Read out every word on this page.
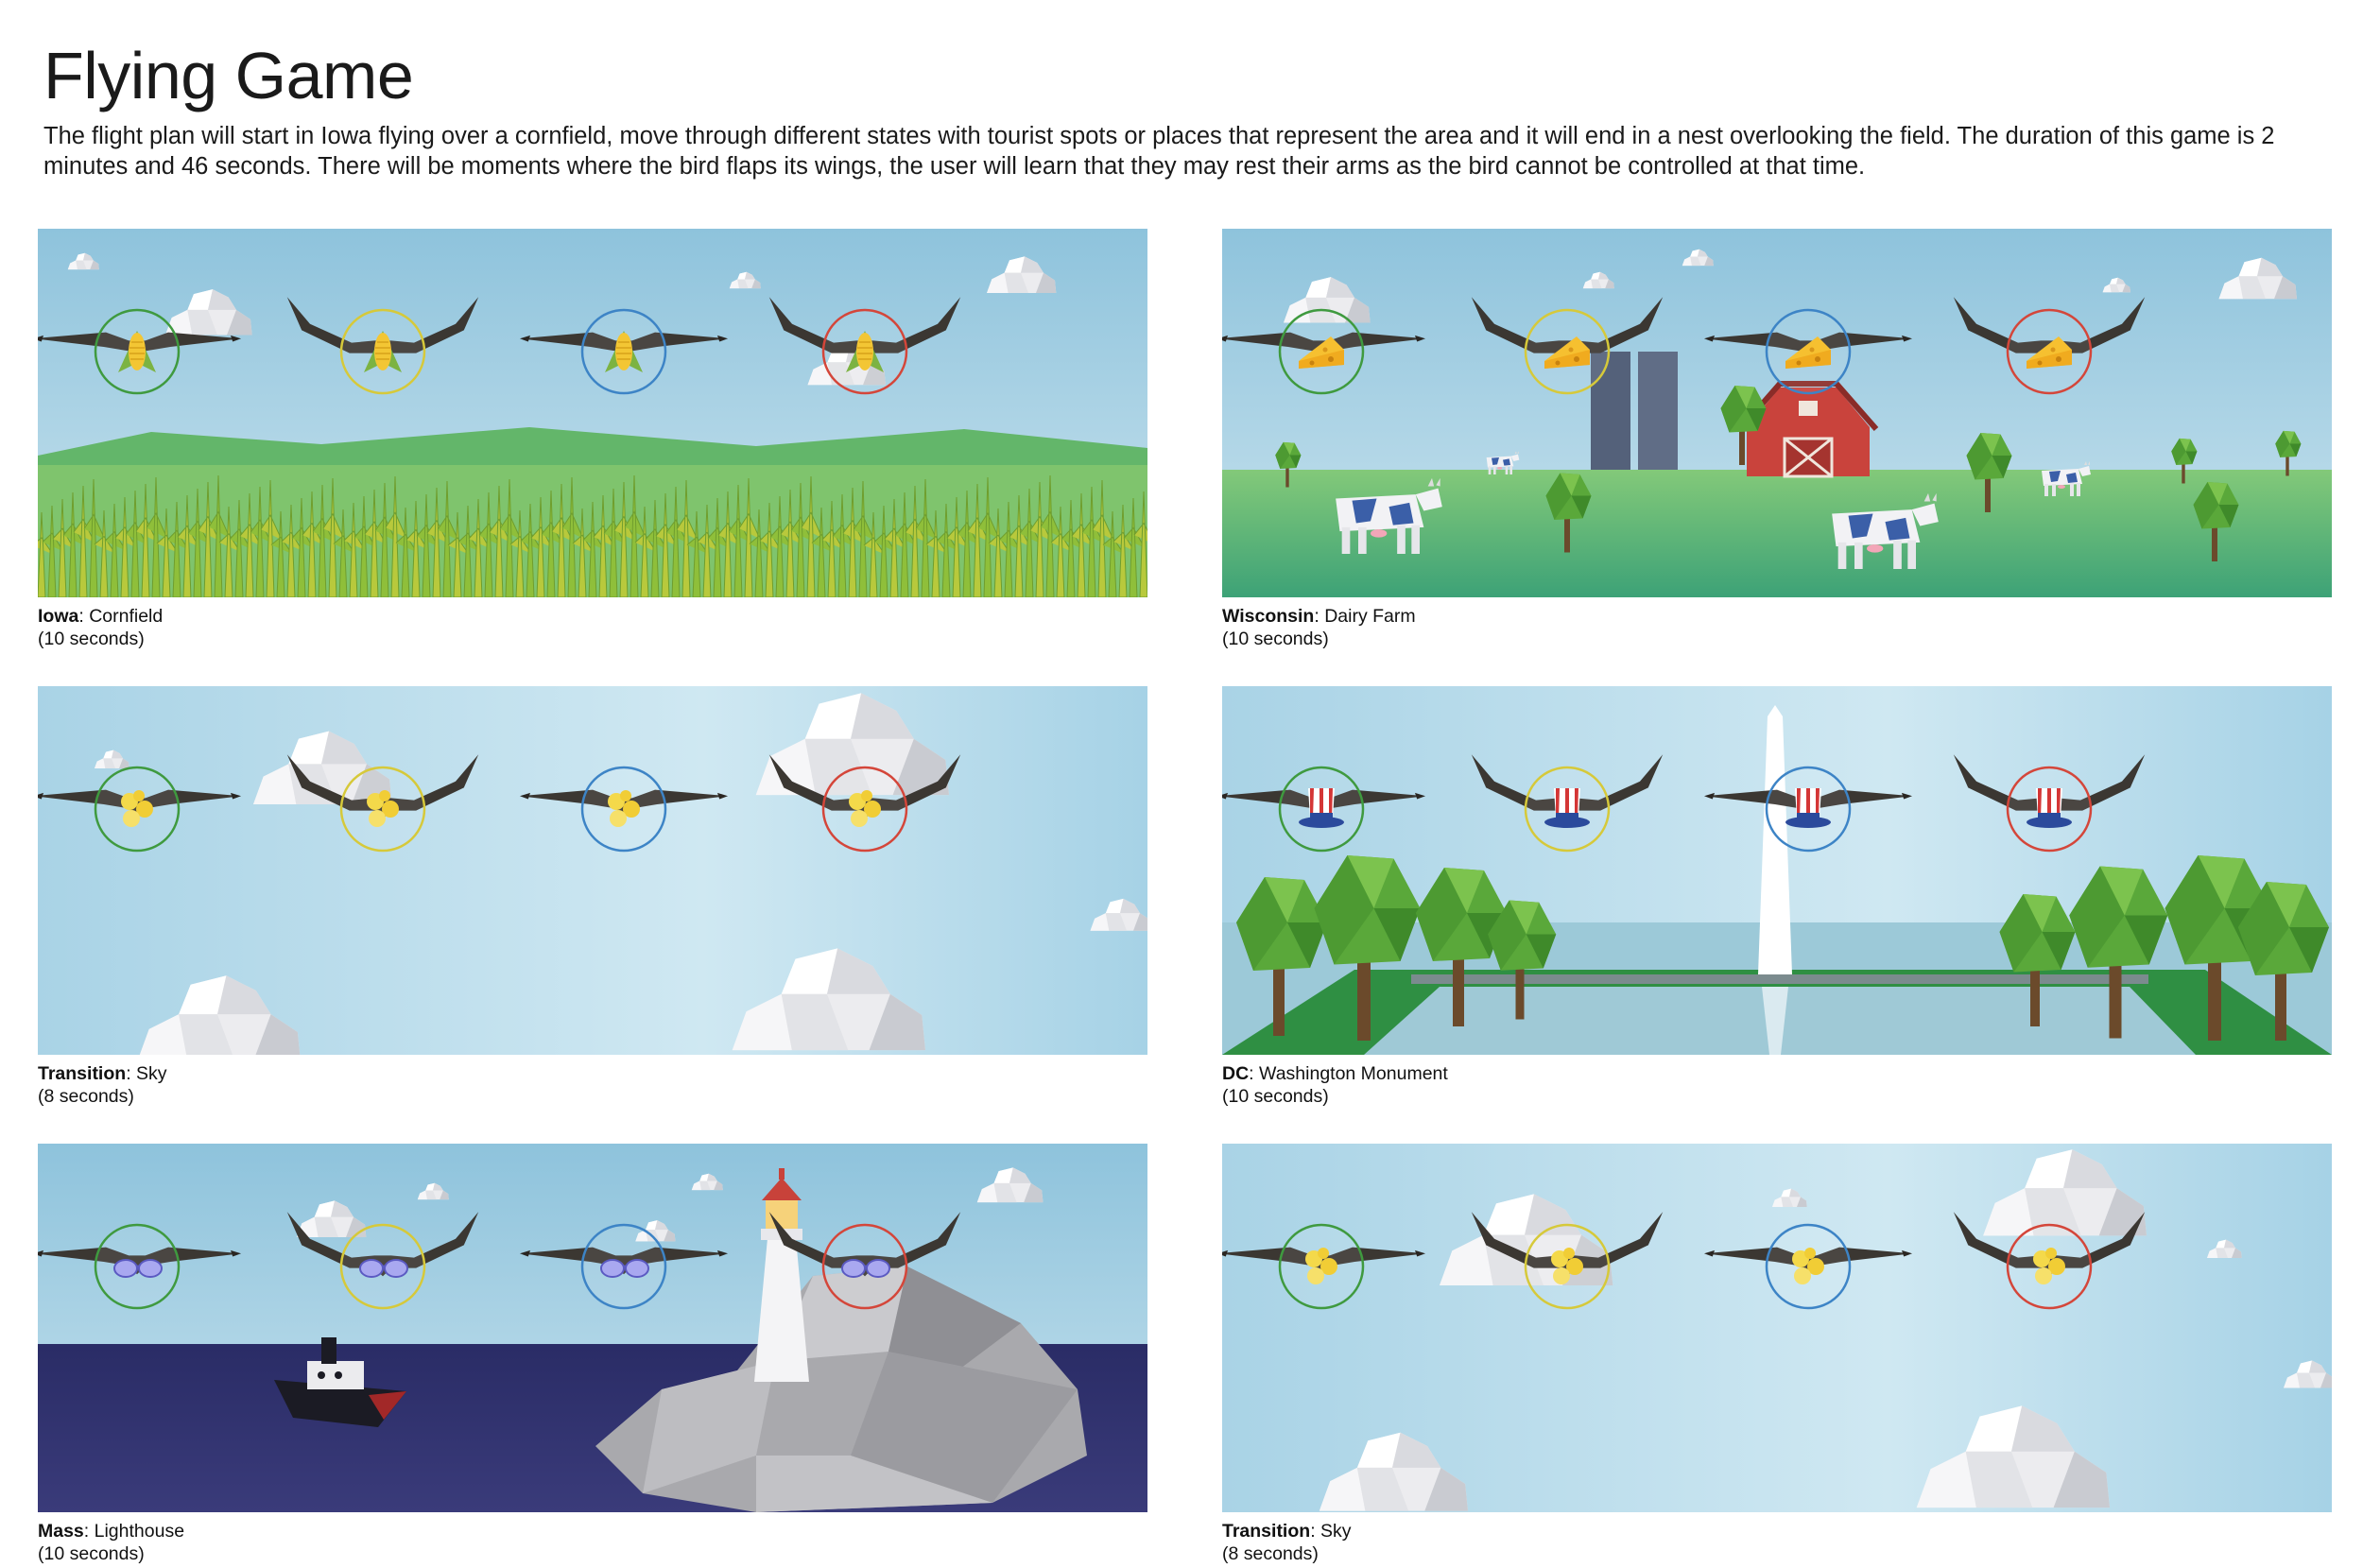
Flying Game

The flight plan will start in Iowa flying over a cornfield, move through different states with tourist spots or places that represent the area and it will end in a nest overlooking the field. The duration of this game is 2 minutes and 46 seconds. There will be moments where the bird flaps its wings, the user will learn that they may rest their arms as the bird cannot be controlled at that time.

Iowa: Cornfield
(10 seconds)
Wisconsin: Dairy Farm
(10 seconds)
Transition: Sky
(8 seconds)
DC: Washington Monument
(10 seconds)
Mass: Lighthouse
(10 seconds)
Transition: Sky
(8 seconds)
